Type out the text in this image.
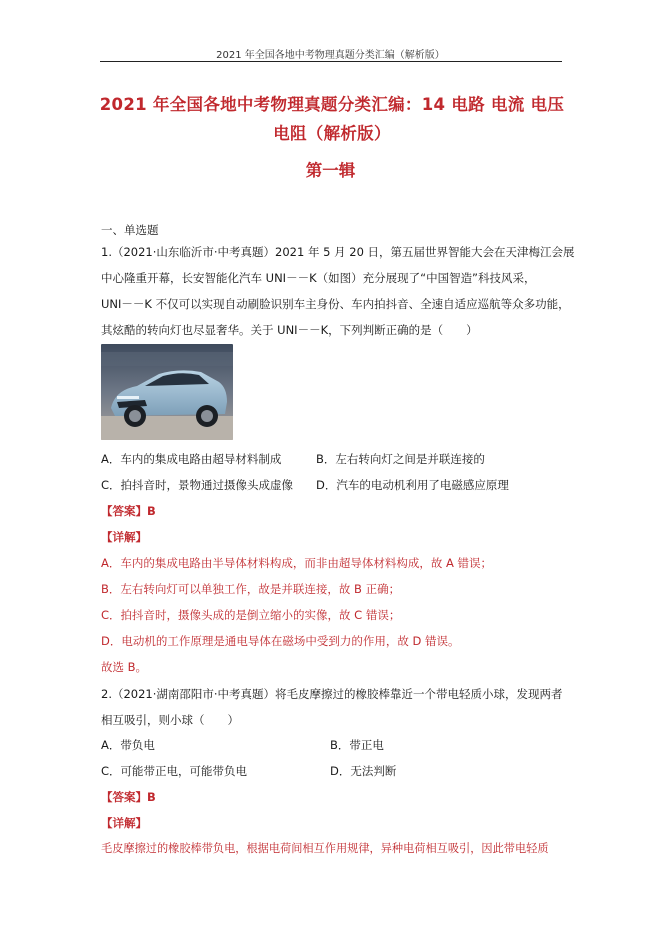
2021 年全国各地中考物理真题分类汇编（解析版）
2021 年全国各地中考物理真题分类汇编：14 电路 电流 电压 电阻（解析版）
第一辑
一、单选题
1.（2021·山东临沂市·中考真题）2021 年 5 月 20 日，第五届世界智能大会在天津梅江会展
中心隆重开幕，长安智能化汽车 UNI－－K（如图）充分展现了“中国智造”科技风采，
UNI－－K 不仅可以实现自动刷脸识别车主身份、车内拍抖音、全速自适应巡航等众多功能，
其炫酷的转向灯也尽显奢华。关于 UNI－－K，下列判断正确的是（　　）
A．车内的集成电路由超导材料制成	B．左右转向灯之间是并联连接的
C．拍抖音时，景物通过摄像头成虚像 D．汽车的电动机利用了电磁感应原理
【答案】B
【详解】
A．车内的集成电路由半导体材料构成，而非由超导体材料构成，故 A 错误；
B．左右转向灯可以单独工作，故是并联连接，故 B 正确；
C．拍抖音时，摄像头成的是倒立缩小的实像，故 C 错误；
D．电动机的工作原理是通电导体在磁场中受到力的作用，故 D 错误。
故选 B。
2.（2021·湖南邵阳市·中考真题）将毛皮摩擦过的橡胶棒靠近一个带电轻质小球，发现两者
相互吸引，则小球（　　）
A．带负电	B．带正电
C．可能带正电，可能带负电	D．无法判断
【答案】B
【详解】
毛皮摩擦过的橡胶棒带负电，根据电荷间相互作用规律，异种电荷相互吸引，因此带电轻质
